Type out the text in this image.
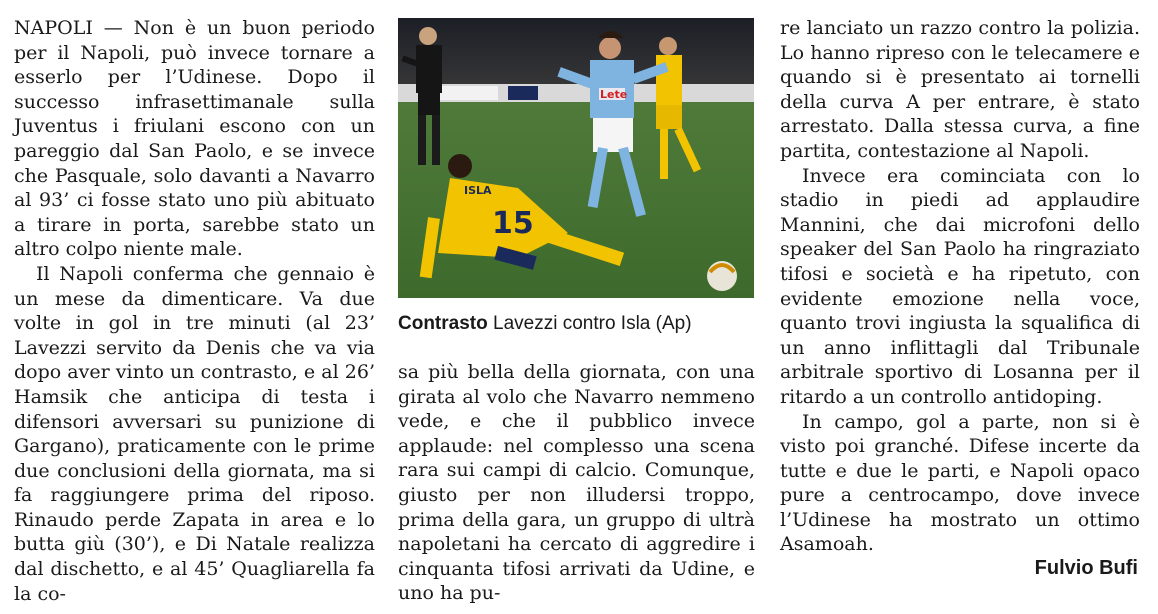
NAPOLI — Non è un buon periodo per il Napoli, può invece tornare a esserlo per l’Udinese. Dopo il successo infrasettimanale sulla Juventus i friulani escono con un pareggio dal San Paolo, e se invece che Pasquale, solo davanti a Navarro al 93’ ci fosse stato uno più abituato a tirare in porta, sarebbe stato un altro colpo niente male.

Il Napoli conferma che gennaio è un mese da dimenticare. Va due volte in gol in tre minuti (al 23’ Lavezzi servito da Denis che va via dopo aver vinto un contrasto, e al 26’ Hamsik che anticipa di testa i difensori avversari su punizione di Gargano), praticamente con le prime due conclusioni della giornata, ma si fa raggiungere prima del riposo. Rinaudo perde Zapata in area e lo butta giù (30’), e Di Natale realizza dal dischetto, e al 45’ Quagliarella fa la co-

15
ISLA
Lete
Contrasto Lavezzi contro Isla (Ap)

sa più bella della giornata, con una girata al volo che Navarro nemmeno vede, e che il pubblico invece applaude: nel complesso una scena rara sui campi di calcio. Comunque, giusto per non illudersi troppo, prima della gara, un gruppo di ultrà napoletani ha cercato di aggredire i cinquanta tifosi arrivati da Udine, e uno ha pu-

re lanciato un razzo contro la polizia. Lo hanno ripreso con le telecamere e quando si è presentato ai tornelli della curva A per entrare, è stato arrestato. Dalla stessa curva, a fine partita, contestazione al Napoli.

Invece era cominciata con lo stadio in piedi ad applaudire Mannini, che dai microfoni dello speaker del San Paolo ha ringraziato tifosi e società e ha ripetuto, con evidente emozione nella voce, quanto trovi ingiusta la squalifica di un anno inflittagli dal Tribunale arbitrale sportivo di Losanna per il ritardo a un controllo antidoping.

In campo, gol a parte, non si è visto poi granché. Difese incerte da tutte e due le parti, e Napoli opaco pure a centrocampo, dove invece l’Udinese ha mostrato un ottimo Asamoah.

Fulvio Bufi
